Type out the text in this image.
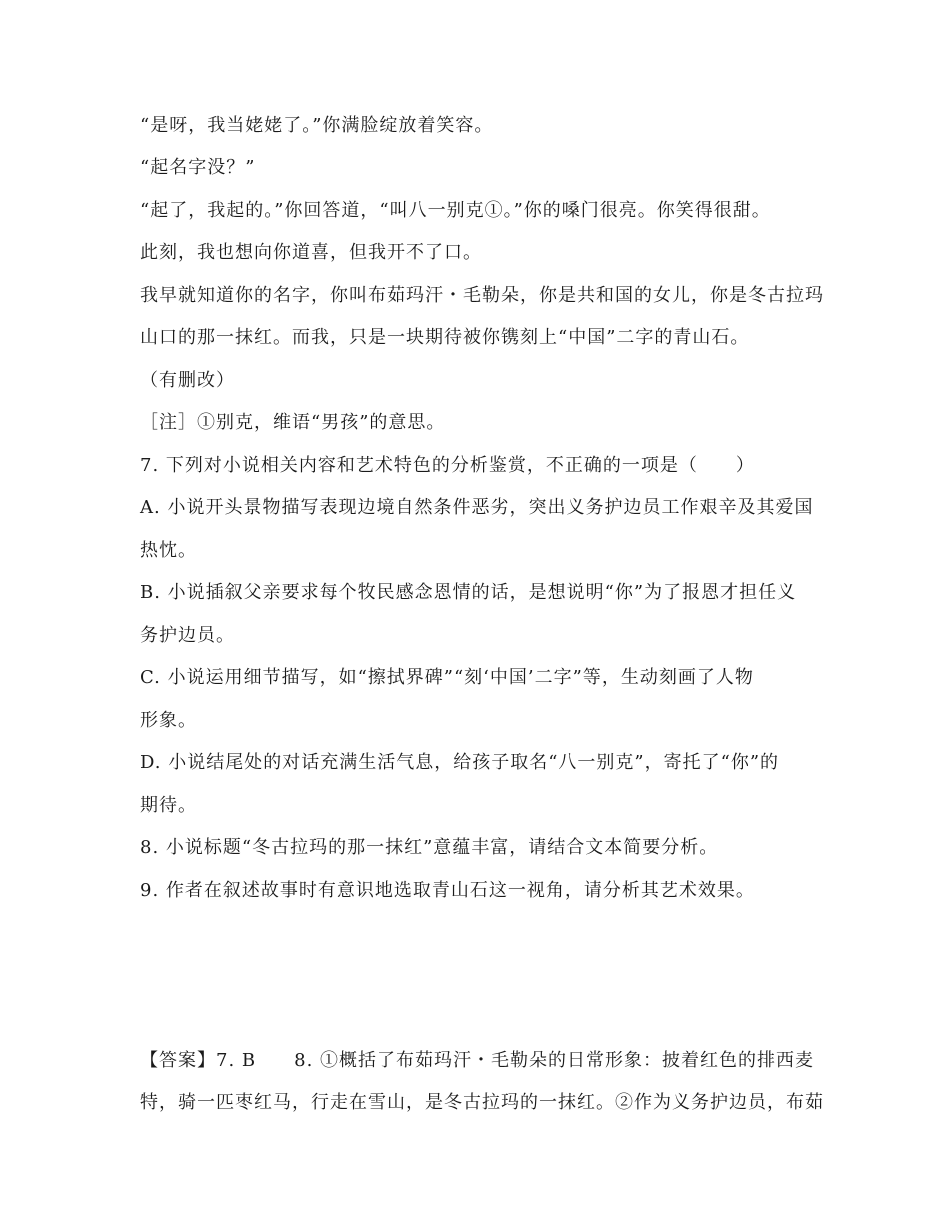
“是呀，我当姥姥了。”你满脸绽放着笑容。
“起名字没？”
“起了，我起的。”你回答道，“叫八一别克①。”你的嗓门很亮。你笑得很甜。
此刻，我也想向你道喜，但我开不了口。
我早就知道你的名字，你叫布茹玛汗・毛勒朵，你是共和国的女儿，你是冬古拉玛
山口的那一抹红。而我，只是一块期待被你镌刻上“中国”二字的青山石。
（有删改）
［注］①别克，维语“男孩”的意思。
7. 下列对小说相关内容和艺术特色的分析鉴赏，不正确的一项是（　　）
A. 小说开头景物描写表现边境自然条件恶劣，突出义务护边员工作艰辛及其爱国
热忱。
B. 小说插叙父亲要求每个牧民感念恩情的话，是想说明“你”为了报恩才担任义
务护边员。
C. 小说运用细节描写，如“擦拭界碑”“刻‘中国’二字”等，生动刻画了人物
形象。
D. 小说结尾处的对话充满生活气息，给孩子取名“八一别克”，寄托了“你”的
期待。
8. 小说标题“冬古拉玛的那一抹红”意蕴丰富，请结合文本简要分析。
9. 作者在叙述故事时有意识地选取青山石这一视角，请分析其艺术效果。
【答案】7. B　　8. ①概括了布茹玛汗・毛勒朵的日常形象：披着红色的排西麦
特，骑一匹枣红马，行走在雪山，是冬古拉玛的一抹红。②作为义务护边员，布茹
